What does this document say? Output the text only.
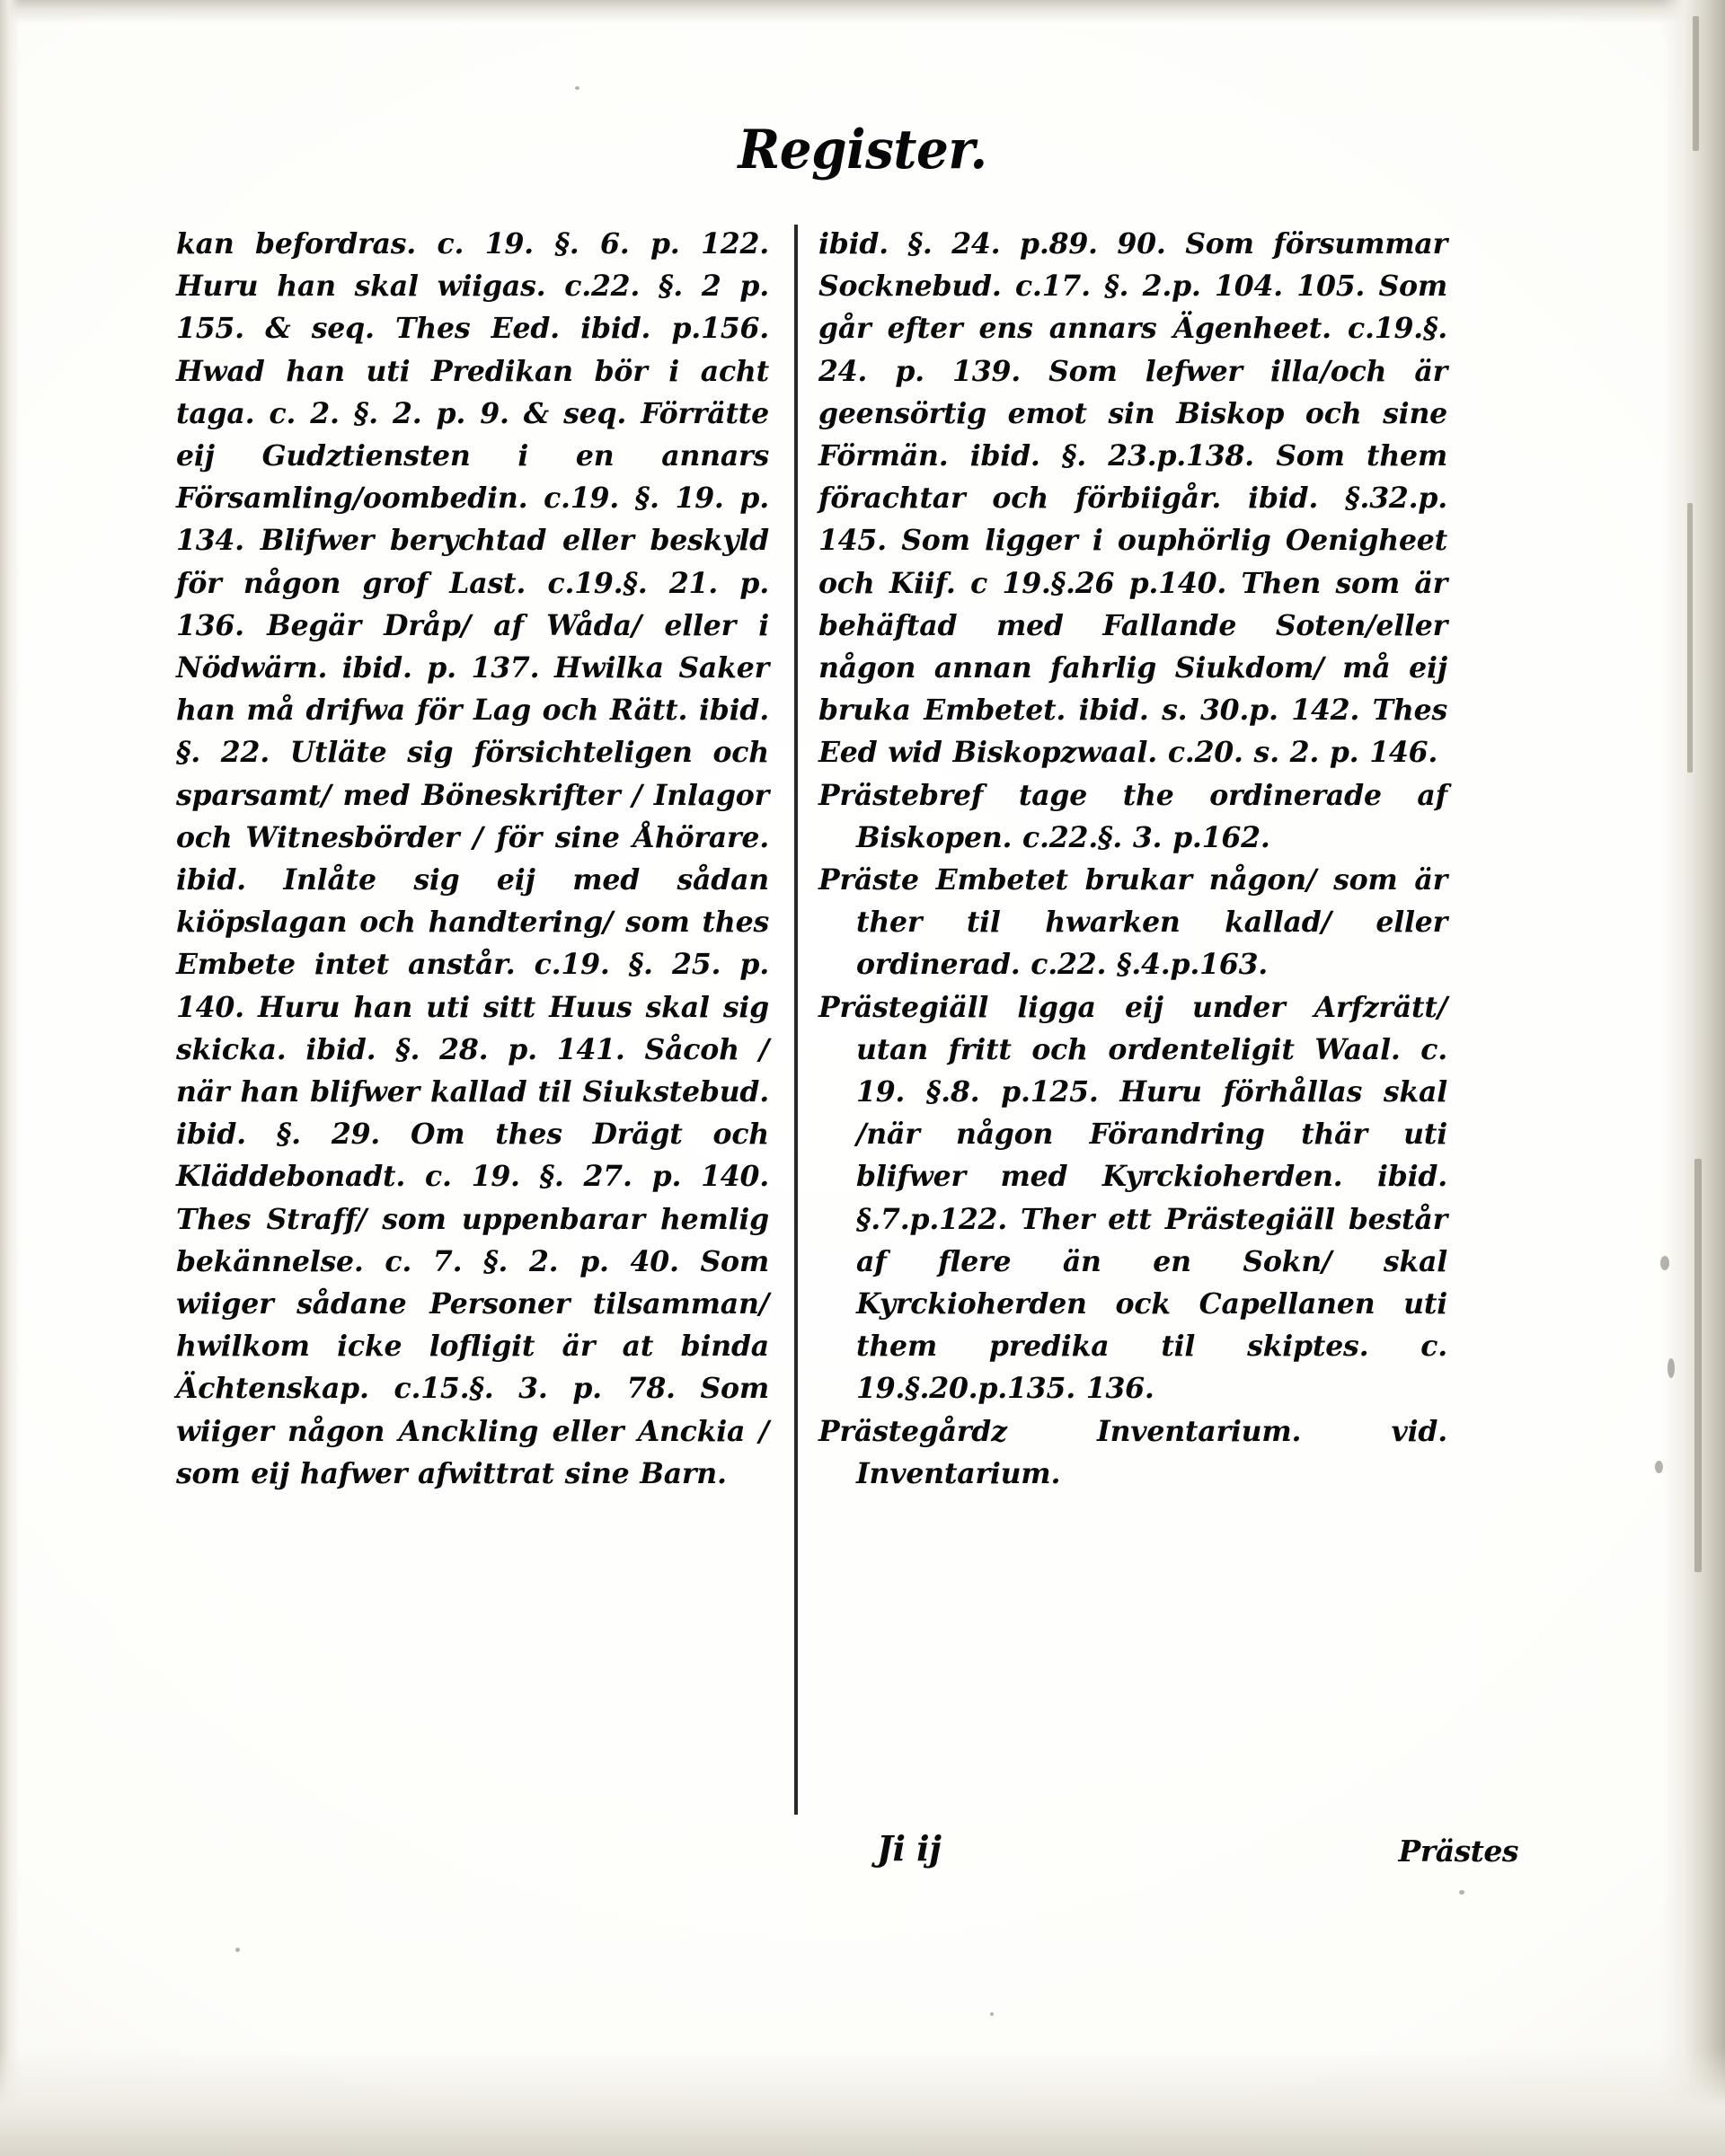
Register.

kan befordras. c. 19. §. 6. p. 122. Huru han skal wiigas. c.22. §. 2 p. 155. & seq. Thes Eed. ibid. p.156. Hwad han uti Predikan bör i acht taga. c. 2. §. 2. p. 9. & seq. Förrätte eij Gudztiensten i en annars Församling/oombedin. c.19. §. 19. p. 134. Blifwer berychtad eller beskyld för någon grof Last. c.19.§. 21. p. 136. Begär Dråp/ af Wåda/ eller i Nödwärn. ibid. p. 137. Hwilka Saker han må drifwa för Lag och Rätt. ibid. §. 22. Utläte sig försichteligen och sparsamt/ med Böneskrifter / Inlagor och Witnesbörder / för sine Åhörare. ibid. Inlåte sig eij med sådan kiöpslagan och handtering/ som thes Embete intet anstår. c.19. §. 25. p. 140. Huru han uti sitt Huus skal sig skicka. ibid. §. 28. p. 141. Såcoh / när han blifwer kallad til Siukstebud. ibid. §. 29. Om thes Drägt och Kläddebonadt. c. 19. §. 27. p. 140. Thes Straff/ som uppenbarar hemlig bekännelse. c. 7. §. 2. p. 40. Som wiiger sådane Personer tilsamman/ hwilkom icke lofligit är at binda Ächtenskap. c.15.§. 3. p. 78. Som wiiger någon Anckling eller Anckia / som eij hafwer afwittrat sine Barn.

ibid. §. 24. p.89. 90. Som försummar Socknebud. c.17. §. 2.p. 104. 105. Som går efter ens annars Ägenheet. c.19.§. 24. p. 139. Som lefwer illa/och är geensörtig emot sin Biskop och sine Förmän. ibid. §. 23.p.138. Som them förachtar och förbiigår. ibid. §.32.p. 145. Som ligger i ouphörlig Oenigheet och Kiif. c 19.§.26 p.140. Then som är behäftad med Fallande Soten/eller någon annan fahrlig Siukdom/ må eij bruka Embetet. ibid. s. 30.p. 142. Thes Eed wid Biskopzwaal. c.20. s. 2. p. 146.

Prästebref tage the ordinerade af Biskopen. c.22.§. 3. p.162.

Präste Embetet brukar någon/ som är ther til hwarken kallad/ eller ordinerad. c.22. §.4.p.163.

Prästegiäll ligga eij under Arfzrätt/ utan fritt och ordenteligit Waal. c. 19. §.8. p.125. Huru förhållas skal /när någon Förandring thär uti blifwer med Kyrckioherden. ibid. §.7.p.122. Ther ett Prästegiäll består af flere än en Sokn/ skal Kyrckioherden ock Capellanen uti them predika til skiptes. c. 19.§.20.p.135. 136.

Prästegårdz Inventarium. vid. Inventarium.

Ji ij	Prästes
